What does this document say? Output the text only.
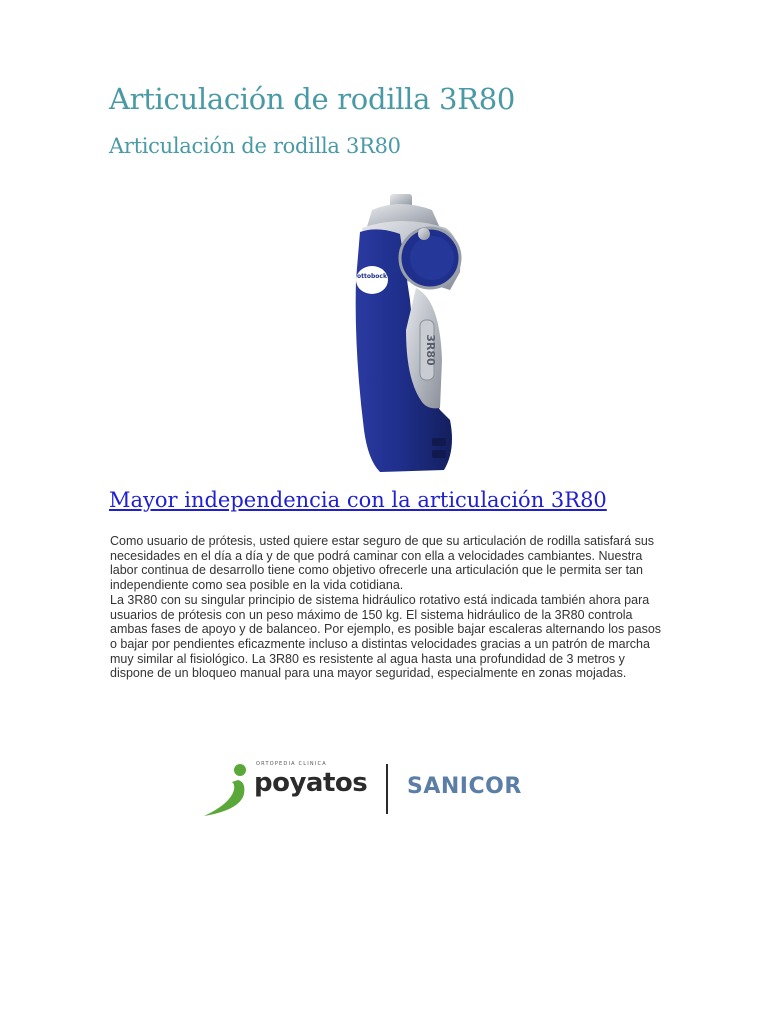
Articulación de rodilla 3R80
Articulación de rodilla 3R80
ottobock
3R80
Mayor independencia con la articulación 3R80

Como usuario de prótesis, usted quiere estar seguro de que su articulación de rodilla satisfará sus necesidades en el día a día y de que podrá caminar con ella a velocidades cambiantes. Nuestra labor continua de desarrollo tiene como objetivo ofrecerle una articulación que le permita ser tan independiente como sea posible en la vida cotidiana.

La 3R80 con su singular principio de sistema hidráulico rotativo está indicada también ahora para usuarios de prótesis con un peso máximo de 150 kg. El sistema hidráulico de la 3R80 controla ambas fases de apoyo y de balanceo. Por ejemplo, es posible bajar escaleras alternando los pasos o bajar por pendientes eficazmente incluso a distintas velocidades gracias a un patrón de marcha muy similar al fisiológico. La 3R80 es resistente al agua hasta una profundidad de 3 metros y dispone de un bloqueo manual para una mayor seguridad, especialmente en zonas mojadas.

ORTOPEDIA CLINICA
poyatos SANICOR
